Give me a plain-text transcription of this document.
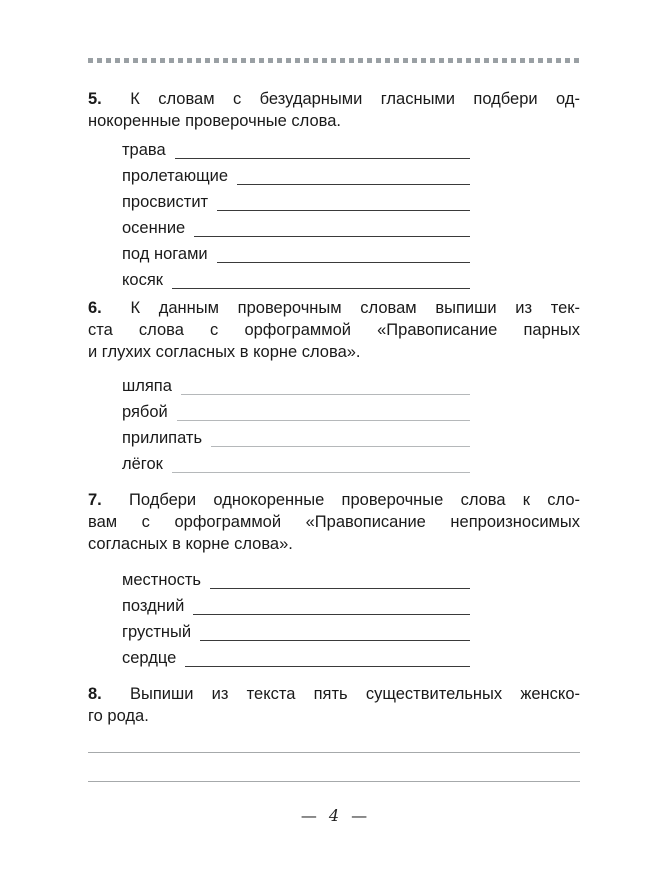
5. К словам с безударными гласными подбери од-
нокоренные проверочные слова.
трава
пролетающие
просвистит
осенние
под ногами
косяк
6. К данным проверочным словам выпиши из тек-
ста слова с орфограммой «Правописание парных
и глухих согласных в корне слова».
шляпа
рябой
прилипать
лёгок
7. Подбери однокоренные проверочные слова к сло-
вам с орфограммой «Правописание непроизносимых
согласных в корне слова».
местность
поздний
грустный
сердце
8. Выпиши из текста пять существительных женско-
го рода.
— 4 —
